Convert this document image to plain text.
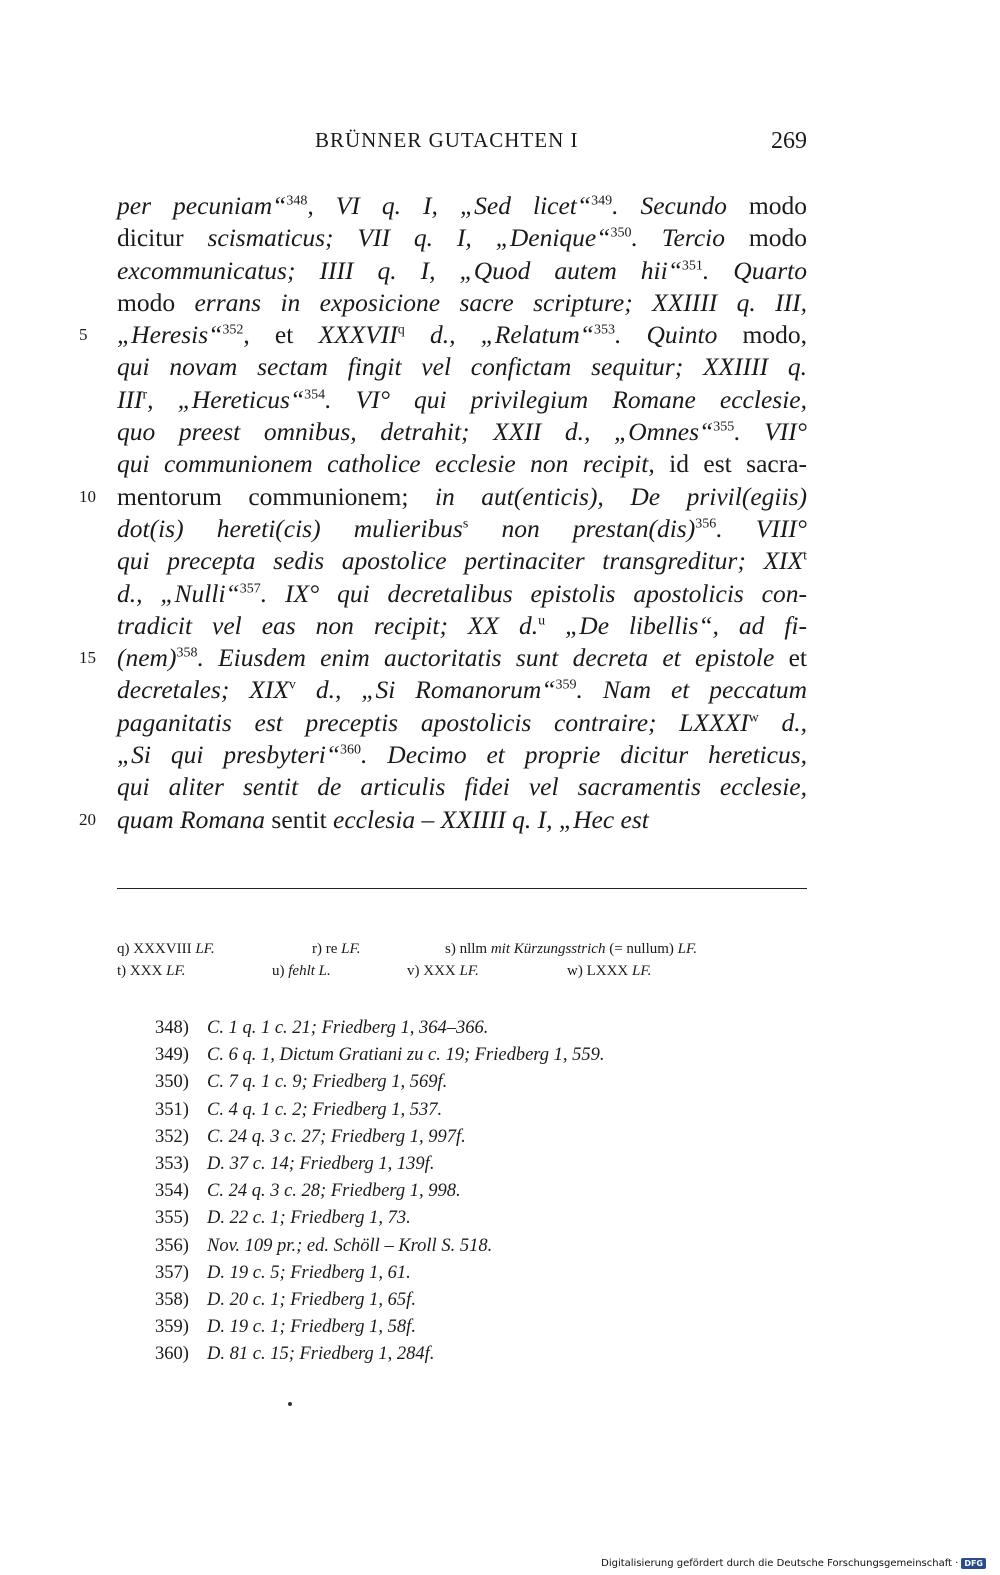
BRÜNNER GUTACHTEN I	269
per pecuniam“$^{348}$, VI q. I, „Sed licet“$^{349}$. Secundo modo
dicitur scismaticus; VII q. I, „Denique“$^{350}$. Tercio modo
excommunicatus; IIII q. I, „Quod autem hii“$^{351}$. Quarto
modo errans in exposicione sacre scripture; XXIIII q. III,
5 „Heresis“$^{352}$, et XXXVII$^q$ d., „Relatum“$^{353}$. Quinto modo,
qui novam sectam fingit vel confictam sequitur; XXIIII q.
III$^r$, „Hereticus“$^{354}$. VI° qui privilegium Romane ecclesie,
quo preest omnibus, detrahit; XXII d., „Omnes“$^{355}$. VII°
qui communionem catholice ecclesie non recipit, id est sacra-
10 mentorum communionem; in aut(enticis), De privil(egiis)
dot(is) hereti(cis) mulieribus$^s$ non prestan(dis)$^{356}$. VIII°
qui precepta sedis apostolice pertinaciter transgreditur; XIX$^t$
d., „Nulli“$^{357}$. IX° qui decretalibus epistolis apostolicis con-
tradicit vel eas non recipit; XX d.$^u$ „De libellis“, ad fi-
15 (nem)$^{358}$. Eiusdem enim auctoritatis sunt decreta et epistole et
decretales; XIX$^v$ d., „Si Romanorum“$^{359}$. Nam et peccatum
paganitatis est preceptis apostolicis contraire; LXXXI$^w$ d.,
„Si qui presbyteri“$^{360}$. Decimo et proprie dicitur hereticus,
qui aliter sentit de articulis fidei vel sacramentis ecclesie,
20 quam Romana sentit ecclesia – XXIIII q. I, „Hec est
q) XXXVIII LF.	r) re LF.	s) nllm mit Kürzungsstrich (= nullum) LF.
t) XXX LF.	u) fehlt L.	v) XXX LF.	w) LXXX LF.
348) C. 1 q. 1 c. 21; Friedberg 1, 364–366.
349) C. 6 q. 1, Dictum Gratiani zu c. 19; Friedberg 1, 559.
350) C. 7 q. 1 c. 9; Friedberg 1, 569f.
351) C. 4 q. 1 c. 2; Friedberg 1, 537.
352) C. 24 q. 3 c. 27; Friedberg 1, 997f.
353) D. 37 c. 14; Friedberg 1, 139f.
354) C. 24 q. 3 c. 28; Friedberg 1, 998.
355) D. 22 c. 1; Friedberg 1, 73.
356) Nov. 109 pr.; ed. Schöll – Kroll S. 518.
357) D. 19 c. 5; Friedberg 1, 61.
358) D. 20 c. 1; Friedberg 1, 65f.
359) D. 19 c. 1; Friedberg 1, 58f.
360) D. 81 c. 15; Friedberg 1, 284f.
Digitalisierung gefördert durch die Deutsche Forschungsgemeinschaft · DFG
